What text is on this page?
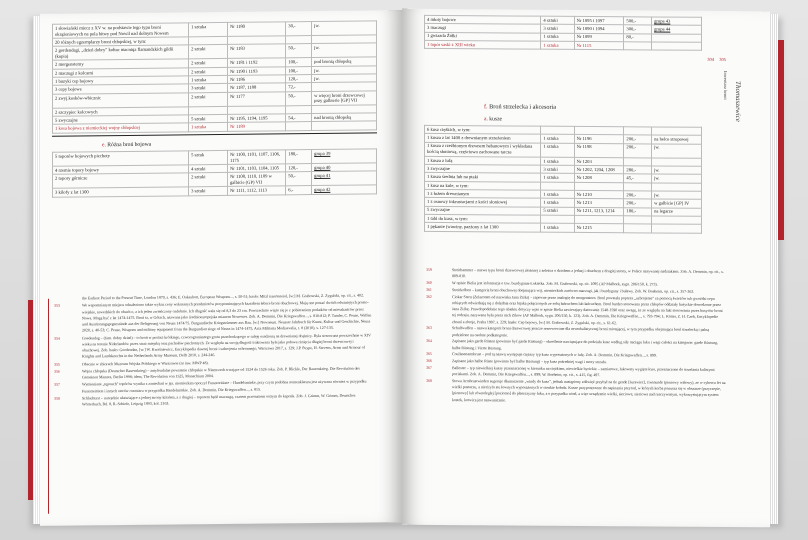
1 słowiański miecz z XV w. na podstawie tego typu broni okrążeniowych na pola bitwy pod Nowil nad dolnym Nowem	1 sztuka	Nr 1180	30,-	jw.
20 różnych egzemplarzy broni chłopskiej, w tym:				
2 gordendagi, „dzień dobry” kołtac macniqa flamandzkich gildii (kopia)	2 sztuki	Nr 1183	50,-	jw.
2 morgensterny	2 sztuki	Nr 1181 i 1192	100,-	pod bronią chłopską
2 maczugi z kolcami	2 sztuki	Nr 1190 i 1193	100,-	jw.
1 buzyki cep bojowy	1 sztuka	Nr 1186	120,-	jw.
3 cepy bojowe	3 sztuki	Nr 1187, 1188	72,-	
2 zwyj.kosków-wbicznic	2 sztuki	Nr 1177	50,-	w więcej broni drzewcowej przy galbierie [GP] VII
2 szczypiec kolcowych				
5 zwyczajne	5 sztuki	Nr 1195, 1194, 1195	54,-	nad bronią chłopską
1 kosa bojowa z niemieckiej wojny chłopskiej	1 sztuka	Nr 1189		
e. Różna broń bojowa
5 toporów bojowych piechoty	5 sztuk	Nr 1100, 1101, 1107, 1106, 1175	180,-	grupa 39
4 rzemie topory bojowy	4 sztuki	Nr 1101, 1103, 1104, 1105	120,-	grupa 40
2 topory górnicze	2 sztuki	Nr 1108, 1110, 1109 w galbicie (GP) VII	50,-	grupa 41
3 kilofy z lat 1300	3 sztuki	Nr 1111, 1112, 1113	6,-	grupa 42
the Earliest Period to the Present Time, London 1870, s. 436; E. Oakeshott, European Weapons..., s. 50-51; hasło: Mitzl iszerteneiol, [w:] M. Grabowski, Z. Zygulski, op. cit., s. 402.
353	We wspomnianym miejscu odnaleziono także wykaz ceny wskazanych przedmiotów przypominających kształtem łebsce broni obuchowej. Mają one postać dwóch odwiniętych prosto-wiejskie, szwedzkich do obuch o, a ich jeden zwieńczony ozdobnie. Ich długość wała się od 8,3 do 23 cm. Powszechnie wiąże się je z pobieraniem podatków od mieszkańców przez Nowa. Mogą być z lat 1474-1475. Broń ta, w Gótach, nazwana jako średnioeuropejska mianem Nowesser. Zob. A. Demmin, Die Kriegswaffen..., s. 810-812; P. Tamler, C. Peuse, Waffen und Ausrüstungsgegenstände aus der Belagerung von Neuss 1474/75. Burgundische Kriegstrümmer aus Bau. [w:] Nowaeum. Neusser Jahrbuch für Kunst, Kultur und Geschichte, Neuss 2020, s. 40-53; C. Peuse, Weapons and military equipment from the Burgundian siege of Neuss in 1474-1475, Acta Militaria Mediaevalia, t. 8 (2010), s. 127-135.
354	Goedendag – (fam. dobry dzień) – to broń w postaci krótkiego, czworograniastego grotu przechodzącego w tuleję osadzoną na drewnianej drążnicy. Była stosowana powszechnie w XIV wieku na terenie Niderlandów przez straż miejską oraz pachołów piechotnych. Ze względu na swoją długość traktowana była jako połowa rżnięcia długiej broni drzewcowej i obuchowej. Zob. hasło: Goedendan, [w:] W. Kwaśniewicz, Encyklopedia dawnej broni i uzbrojenia ochronnego, Warszawa 2017, s. 129; J.P. Puype, H. Stevens, Arms and Armour of Knights and Landsknechts in the Netherlands Army Museum, Delft 2010, s. 244-246.
355	Obecnie w zbiorach Muzeum Wojska Polskiego w Warszawie (nr inw. MWP 48).
356	Wojna chłopska (Deutscher Bauernkrieg) – antyfeudalne powstanie chłopskie w Niemczech trwające od 1524 do 1526 roku. Zob. P. Blickle, Der Bauernkrieg. Die Revolution des Gemeinen Mannes, Berlin 1998; idem, The Revolution von 1525, Monachium 2004.
357	Wymieniane „tępouch” topórów wynika z zaniechań w jęz. niemieckim opoczyl Fussstreitäxte – Handelsmärke, przy czym podobna nomenklatura jest używana również w przypadku Fussstreitäxte i innych ostrów rozmiaru w przypadku Handelmärkie. Zob. A. Demmin, Die Kriegswaffen..., s. 815.
358	Schlachtaxt – narzędzie ułatwiające z jednej strony kilofem, a z drugiej – toporem będź maczugą, czasem przesuniem ostrym do kaprala. Zob. J. Grimm, W. Grimm, Deutsches Wörterbuch, Bd. 8, R–Schiefe, Leipzig 1893, kol. 2163.
4 młoty bojowe	4 sztuki	Nr 1095 i 1097	500,-	grupa 43
3 maczugi	3 sztuki	Nr 1090 i 1094	300,-	grupa 44
1 gwiazda Żółki	1 sztuka	Nr 1099	80,-	
1 topór saski z XIII wieku	1 sztuka	Nr 1115		
f. Broń strzelecka i akcesoria
a. kusze
6 kusz ciężkich, w tym:				
1 kusza z lat 1400 z drewnianym strzeżeniem	1 sztuka	Nr 1196	200,-	na belce stropowej
1 kusza z rzeźbionym drewnem hebanowym i wykładana kością słoniową, częściowo zachowane tarcze	1 sztuka	Nr 1198	200,-	jw.
1 kusza z lufą	1 sztuka	Nr 1203		
3 zwyczajne	3 sztuki	Nr 1202, 1204, 1208	280,-	jw.
1 kusza średnia lub na ptaki	1 sztuka	Nr 1208	45,-	jw.
1 kusz na kule, w tym:				
1 z łożem drewnianym	1 sztuka	Nr 1210	200,-	jw.
1 z osnowy inkrustacjami z kości słoniowej	1 sztuka	Nr 1213	200,-	w galbicie [GP] IV
5 zwyczajne	5 sztuki	Nr 1211, 1213, 1214	180,-	na legarze
1 tabl do kusz, w tym:				
1 pękanie (wawiny, pazżony z lat 1300	1 sztuka	Nr 1215		
304 305
Thomaszewice
Inwentarz broni
359	Streithammer – nazwa typu broni drzewcowej złożonej z żeleźca o dziobem z jednej i obuchem z drugiej strony, w Polsce nazywanej nadziakiem. Zob. A. Demmin, op. cit., s. 809-810.
360	W opisie Bielia jest informacja o tzw. buzdyganie Łokietka. Zob. M. Grabowski, op. cit. 1095 (AP Malbork, sygn. 206/150, k. 273).
361	Streitkolben – kategoria broni obuchowej obejmująca w/g. niemieckich zarówno maczugi, jak i buzdygany i buławy. Zob. W. Boeheim, op. cit., s. 357-363.
362	Ciokar Stern (Żelazotem od nazwiska Jana Żiżki) – zapewne przez analogię do morgenstern. Broń powstała poprzez „uzbrojenie” za pomocą świeżów tub gwoździ cepa robiących odwiedzają się z dolędnia oraz bijaka połączonych ze sobą łańcuchem lub łańcuchem. Broń bardzo stosowana przez chłopów oddziały husyckie dowodzone przez Jana Żiżkę. Prawdopodobnie tego obiektu dotyczy wpis w spisie Bielia zawierający datowanie 1548-1590 oraz uwagę, że ze względu na fakt stosowania przez husytów broni tej rodzaju, nazywana była przez nich Zikow (AP Malbork, sygn. 206/150, k. 123). Zob. A. Demmin, Die Kriegswaffen..., s. 793-794; L. Kötter, Z. H. Czeh, Encyklopedie zbraní a zbroje, Praha 1997, s. 229; hasło: Cep bojowy, [w:] M. Grabowski, Z. Zygulski, op. cit., s. 61-62.
363	Schulfwaffen – nazwa kategorii broni drzewcowej jeszcze rezerwowane dla neurobalistycznej broni miotającej, w tym przypadku obejmująca broń strzelecką i palną podzielone na osobne podkategorie.
364	Zapisane jako garde Rüsten (powinno być garde Rüstung) – określenie nawiązujące do podziału kusz według siły naciągu luku i wagi całości na kategorie: garde Rüstung, halbe Rüstung i Vierte Rüstung.
365	Coulissenarmbrust – pod tą nazwą występuje cięższy typ kusz wyposażonych w lufę. Zob. A. Demmin, Die Kriegswaffen..., s. 899.
366	Zapisane jako halbe Rüste (powinno być halbe Rüstung) – typ kusz pośredniej wagi i mocy strzału.
367	Ballester – typ niewielkiej kuszy przeznaczonej w kierunku na ciężkiem, niewielkie bycickie – zamiarowe, łukowaty wygięte łozo, przeznaczone do strzelania kulistymi pociskami. Zob. A. Demmin, Die Kriegswaffen..., s. 899; W. Boeheim, op. cit., s. 415, fig. 497.
368	Stowa Armbrustwinden sugeruje dłumaczenie „windy do kusz”, jednak nastąpiony zdźwięź przybył na tle gende [żurawiec], ciwinunde (pionowy wałowy), ze w cyberca fet na wielki pustaczu, a niecirylo stu łownych wyposażonych w cienkie kołodz. Kusze przyporęczone do napinania przyrod, w których korba ponusza się w obszarze (przyczepie, [pionowy] lub równoległej [poziomo] do płaszczyzny łuku, a o przypadku wind, a więc urządzenie wielki, sieciowe, sieciowa nad rzeczywistym, wykorzystującym system kostek, kotwica jest nazwanicznie.
